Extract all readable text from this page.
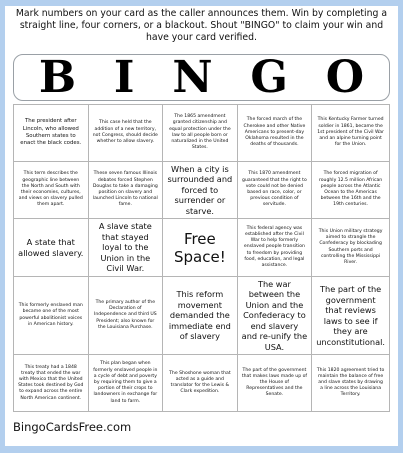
Mark numbers on your card as the caller announces them. Win by completing a straight line, four corners, or a blackout. Shout "BINGO" to claim your win and have your card verified.
B I N G O
The president after Lincoln, who allowed Southern states to enact the black codes.
This case held that the addition of a new territory, not Congress, should decide whether to allow slavery.
The 1865 amendment granted citizenship and equal protection under the law to all people born or naturalized in the United States.
The forced march of the Cherokee and other Native Americans to present-day Oklahoma resulted in the deaths of thousands.
This Kentucky Farmer turned soldier in 1861, became the 1st president of the Civil War and an alpine turning point for the Union.
This term describes the geographic line between the North and South with their economies, cultures, and views on slavery pulled them apart.
These seven famous Illinois debates forced Stephen Douglas to take a damaging position on slavery and launched Lincoln to national fame.
When a city is surrounded and forced to surrender or starve.
This 1870 amendment guaranteed that the right to vote could not be denied based on race, color, or previous condition of servitude.
The forced migration of roughly 12.5 million African people across the Atlantic Ocean to the Americas between the 16th and the 19th centuries.
A state that allowed slavery.
A slave state that stayed loyal to the Union in the Civil War.
Free Space!
This federal agency was established after the Civil War to help formerly enslaved people transition to freedom by providing food, education, and legal assistance.
This Union military strategy aimed to strangle the Confederacy by blockading Southern ports and controlling the Mississippi River.
This formerly enslaved man became one of the most powerful abolitionist voices in American history.
The primary author of the Declaration of Independence and third US President; also known for the Louisiana Purchase.
This reform movement demanded the immediate end of slavery
The war between the Union and the Confederacy to end slavery and re-unify the USA.
The part of the government that reviews laws to see if they are unconstitutional.
This treaty had a 1848 treaty that ended the war with Mexico that the United States took destined by God to expand across the entire North American continent.
This plan began when formerly enslaved people in a cycle of debt and poverty by requiring them to give a portion of their crops to landowners in exchange for land to farm.
The Shoshone woman that acted as a guide and translator for the Lewis & Clark expedition.
The part of the government that makes laws made up of the House of Representatives and the Senate.
This 1820 agreement tried to maintain the balance of free and slave states by drawing a line across the Louisiana Territory.
BingoCardsFree.com
